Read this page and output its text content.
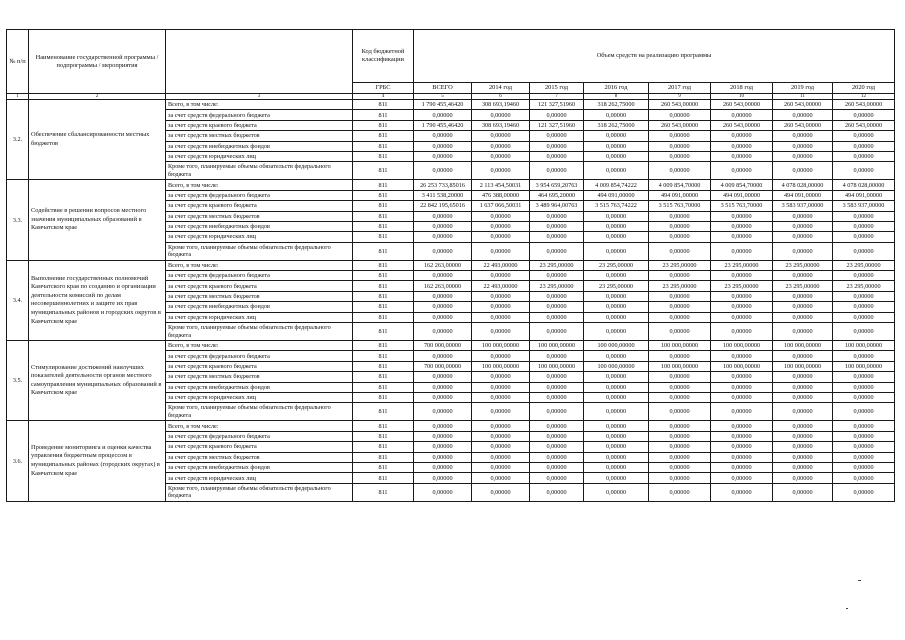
№ п/п	Наименование государственной программы / подпрограммы / мероприятия		Код бюджетной классификации	Объем средств на реализацию программы							
			ГРБС	ВСЕГО	2014 год	2015 год	2016 год	2017 год	2018 год	2019 год	2020 год
1	2	3	4	5	6	7	8	9	10	11	12
3.2.	Обеспечение сбалансированности местных бюджетов	Всего, в том числе:	811	1 790 455,46420	308 693,19460	121 327,51960	318 262,75000	260 543,00000	260 543,00000	260 543,00000	260 543,00000
		за счет средств федерального бюджета	811	0,00000	0,00000	0,00000	0,00000	0,00000	0,00000	0,00000	0,00000
		за счет средств краевого бюджета	811	1 790 455,46420	308 693,19460	121 327,51960	318 262,75000	260 543,00000	260 543,00000	260 543,00000	260 543,00000
		за счет средств местных бюджетов	811	0,00000	0,00000	0,00000	0,00000	0,00000	0,00000	0,00000	0,00000
		за счет средств внебюджетных фондов	811	0,00000	0,00000	0,00000	0,00000	0,00000	0,00000	0,00000	0,00000
		за счет средств юридических лиц	811	0,00000	0,00000	0,00000	0,00000	0,00000	0,00000	0,00000	0,00000
		Кроме того, планируемые объемы обязательств федерального бюджета	811	0,00000	0,00000	0,00000	0,00000	0,00000	0,00000	0,00000	0,00000
3.3.	Содействие в решении вопросов местного значения муниципальных образований в Камчатском крае	Всего, в том числе:	811	26 253 733,85016	2 113 454,50031	3 954 659,20763	4 009 854,74222	4 009 854,70000	4 009 854,70000	4 078 028,00000	4 078 028,00000
		за счет средств федерального бюджета	811	3 411 538,20000	476 388,00000	464 695,20000	494 091,00000	494 091,00000	494 091,00000	494 091,00000	494 091,00000
		за счет средств краевого бюджета	811	22 842 195,65016	1 637 066,50031	3 489 964,00763	3 515 763,74222	3 515 763,70000	3 515 763,70000	3 583 937,00000	3 583 937,00000
		за счет средств местных бюджетов	811	0,00000	0,00000	0,00000	0,00000	0,00000	0,00000	0,00000	0,00000
		за счет средств внебюджетных фондов	811	0,00000	0,00000	0,00000	0,00000	0,00000	0,00000	0,00000	0,00000
		за счет средств юридических лиц	811	0,00000	0,00000	0,00000	0,00000	0,00000	0,00000	0,00000	0,00000
		Кроме того, планируемые объемы обязательств федерального бюджета	811	0,00000	0,00000	0,00000	0,00000	0,00000	0,00000	0,00000	0,00000
3.4.	Выполнение государственных полномочий Камчатского края по созданию и организации деятельности комиссий по делам несовершеннолетних и защите их прав муниципальных районов и городских округов в Камчатском крае	Всего, в том числе:	811	162 263,00000	22 493,00000	23 295,00000	23 295,00000	23 295,00000	23 295,00000	23 295,00000	23 295,00000
		за счет средств федерального бюджета	811	0,00000	0,00000	0,00000	0,00000	0,00000	0,00000	0,00000	0,00000
		за счет средств краевого бюджета	811	162 263,00000	22 493,00000	23 295,00000	23 295,00000	23 295,00000	23 295,00000	23 295,00000	23 295,00000
		за счет средств местных бюджетов	811	0,00000	0,00000	0,00000	0,00000	0,00000	0,00000	0,00000	0,00000
		за счет средств внебюджетных фондов	811	0,00000	0,00000	0,00000	0,00000	0,00000	0,00000	0,00000	0,00000
		за счет средств юридических лиц	811	0,00000	0,00000	0,00000	0,00000	0,00000	0,00000	0,00000	0,00000
		Кроме того, планируемые объемы обязательств федерального бюджета	811	0,00000	0,00000	0,00000	0,00000	0,00000	0,00000	0,00000	0,00000
3.5.	Стимулирование достижений наилучших показателей деятельности органов местного самоуправления муниципальных образований в Камчатском крае	Всего, в том числе:	811	700 000,00000	100 000,00000	100 000,00000	100 000,00000	100 000,00000	100 000,00000	100 000,00000	100 000,00000
		за счет средств федерального бюджета	811	0,00000	0,00000	0,00000	0,00000	0,00000	0,00000	0,00000	0,00000
		за счет средств краевого бюджета	811	700 000,00000	100 000,00000	100 000,00000	100 000,00000	100 000,00000	100 000,00000	100 000,00000	100 000,00000
		за счет средств местных бюджетов	811	0,00000	0,00000	0,00000	0,00000	0,00000	0,00000	0,00000	0,00000
		за счет средств внебюджетных фондов	811	0,00000	0,00000	0,00000	0,00000	0,00000	0,00000	0,00000	0,00000
		за счет средств юридических лиц	811	0,00000	0,00000	0,00000	0,00000	0,00000	0,00000	0,00000	0,00000
		Кроме того, планируемые объемы обязательств федерального бюджета	811	0,00000	0,00000	0,00000	0,00000	0,00000	0,00000	0,00000	0,00000
3.6.	Проведение мониторинга и оценки качества управления бюджетным процессом в муниципальных районах (городских округах) в Камчатском крае	Всего, в том числе:	811	0,00000	0,00000	0,00000	0,00000	0,00000	0,00000	0,00000	0,00000
		за счет средств федерального бюджета	811	0,00000	0,00000	0,00000	0,00000	0,00000	0,00000	0,00000	0,00000
		за счет средств краевого бюджета	811	0,00000	0,00000	0,00000	0,00000	0,00000	0,00000	0,00000	0,00000
		за счет средств местных бюджетов	811	0,00000	0,00000	0,00000	0,00000	0,00000	0,00000	0,00000	0,00000
		за счет средств внебюджетных фондов	811	0,00000	0,00000	0,00000	0,00000	0,00000	0,00000	0,00000	0,00000
		за счет средств юридических лиц	811	0,00000	0,00000	0,00000	0,00000	0,00000	0,00000	0,00000	0,00000
		Кроме того, планируемые объемы обязательств федерального бюджета	811	0,00000	0,00000	0,00000	0,00000	0,00000	0,00000	0,00000	0,00000
